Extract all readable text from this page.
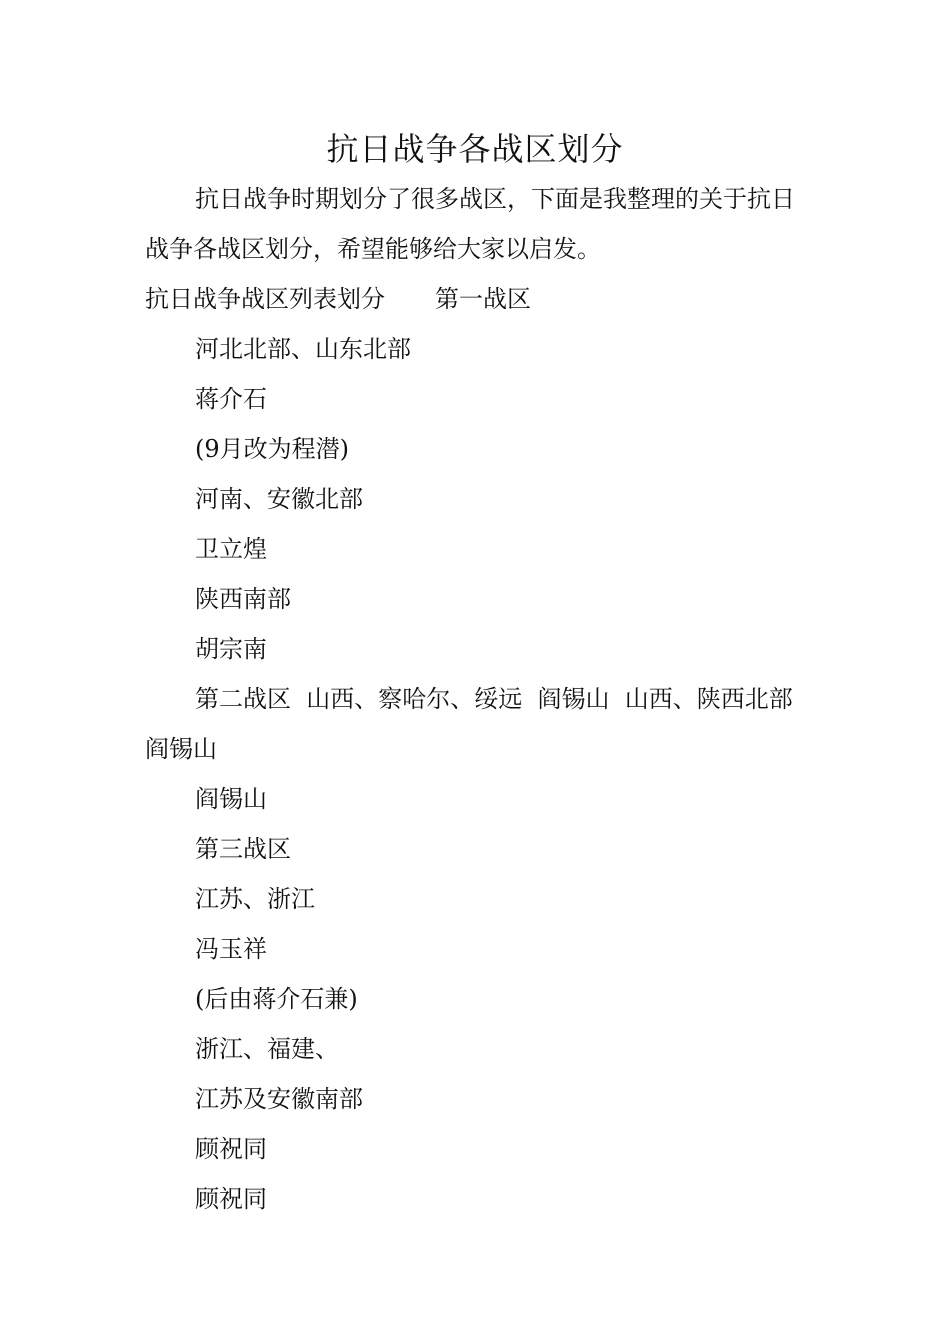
抗日战争各战区划分

抗日战争时期划分了很多战区，下面是我整理的关于抗日战争各战区划分，希望能够给大家以启发。

抗日战争战区列表划分 第一战区

河北北部、山东北部

蒋介石

(9月改为程潜)

河南、安徽北部

卫立煌

陕西南部

胡宗南

第二战区  山西、察哈尔、绥远  阎锡山  山西、陕西北部  阎锡山

阎锡山

第三战区

江苏、浙江

冯玉祥

(后由蒋介石兼)

浙江、福建、

江苏及安徽南部

顾祝同

顾祝同
